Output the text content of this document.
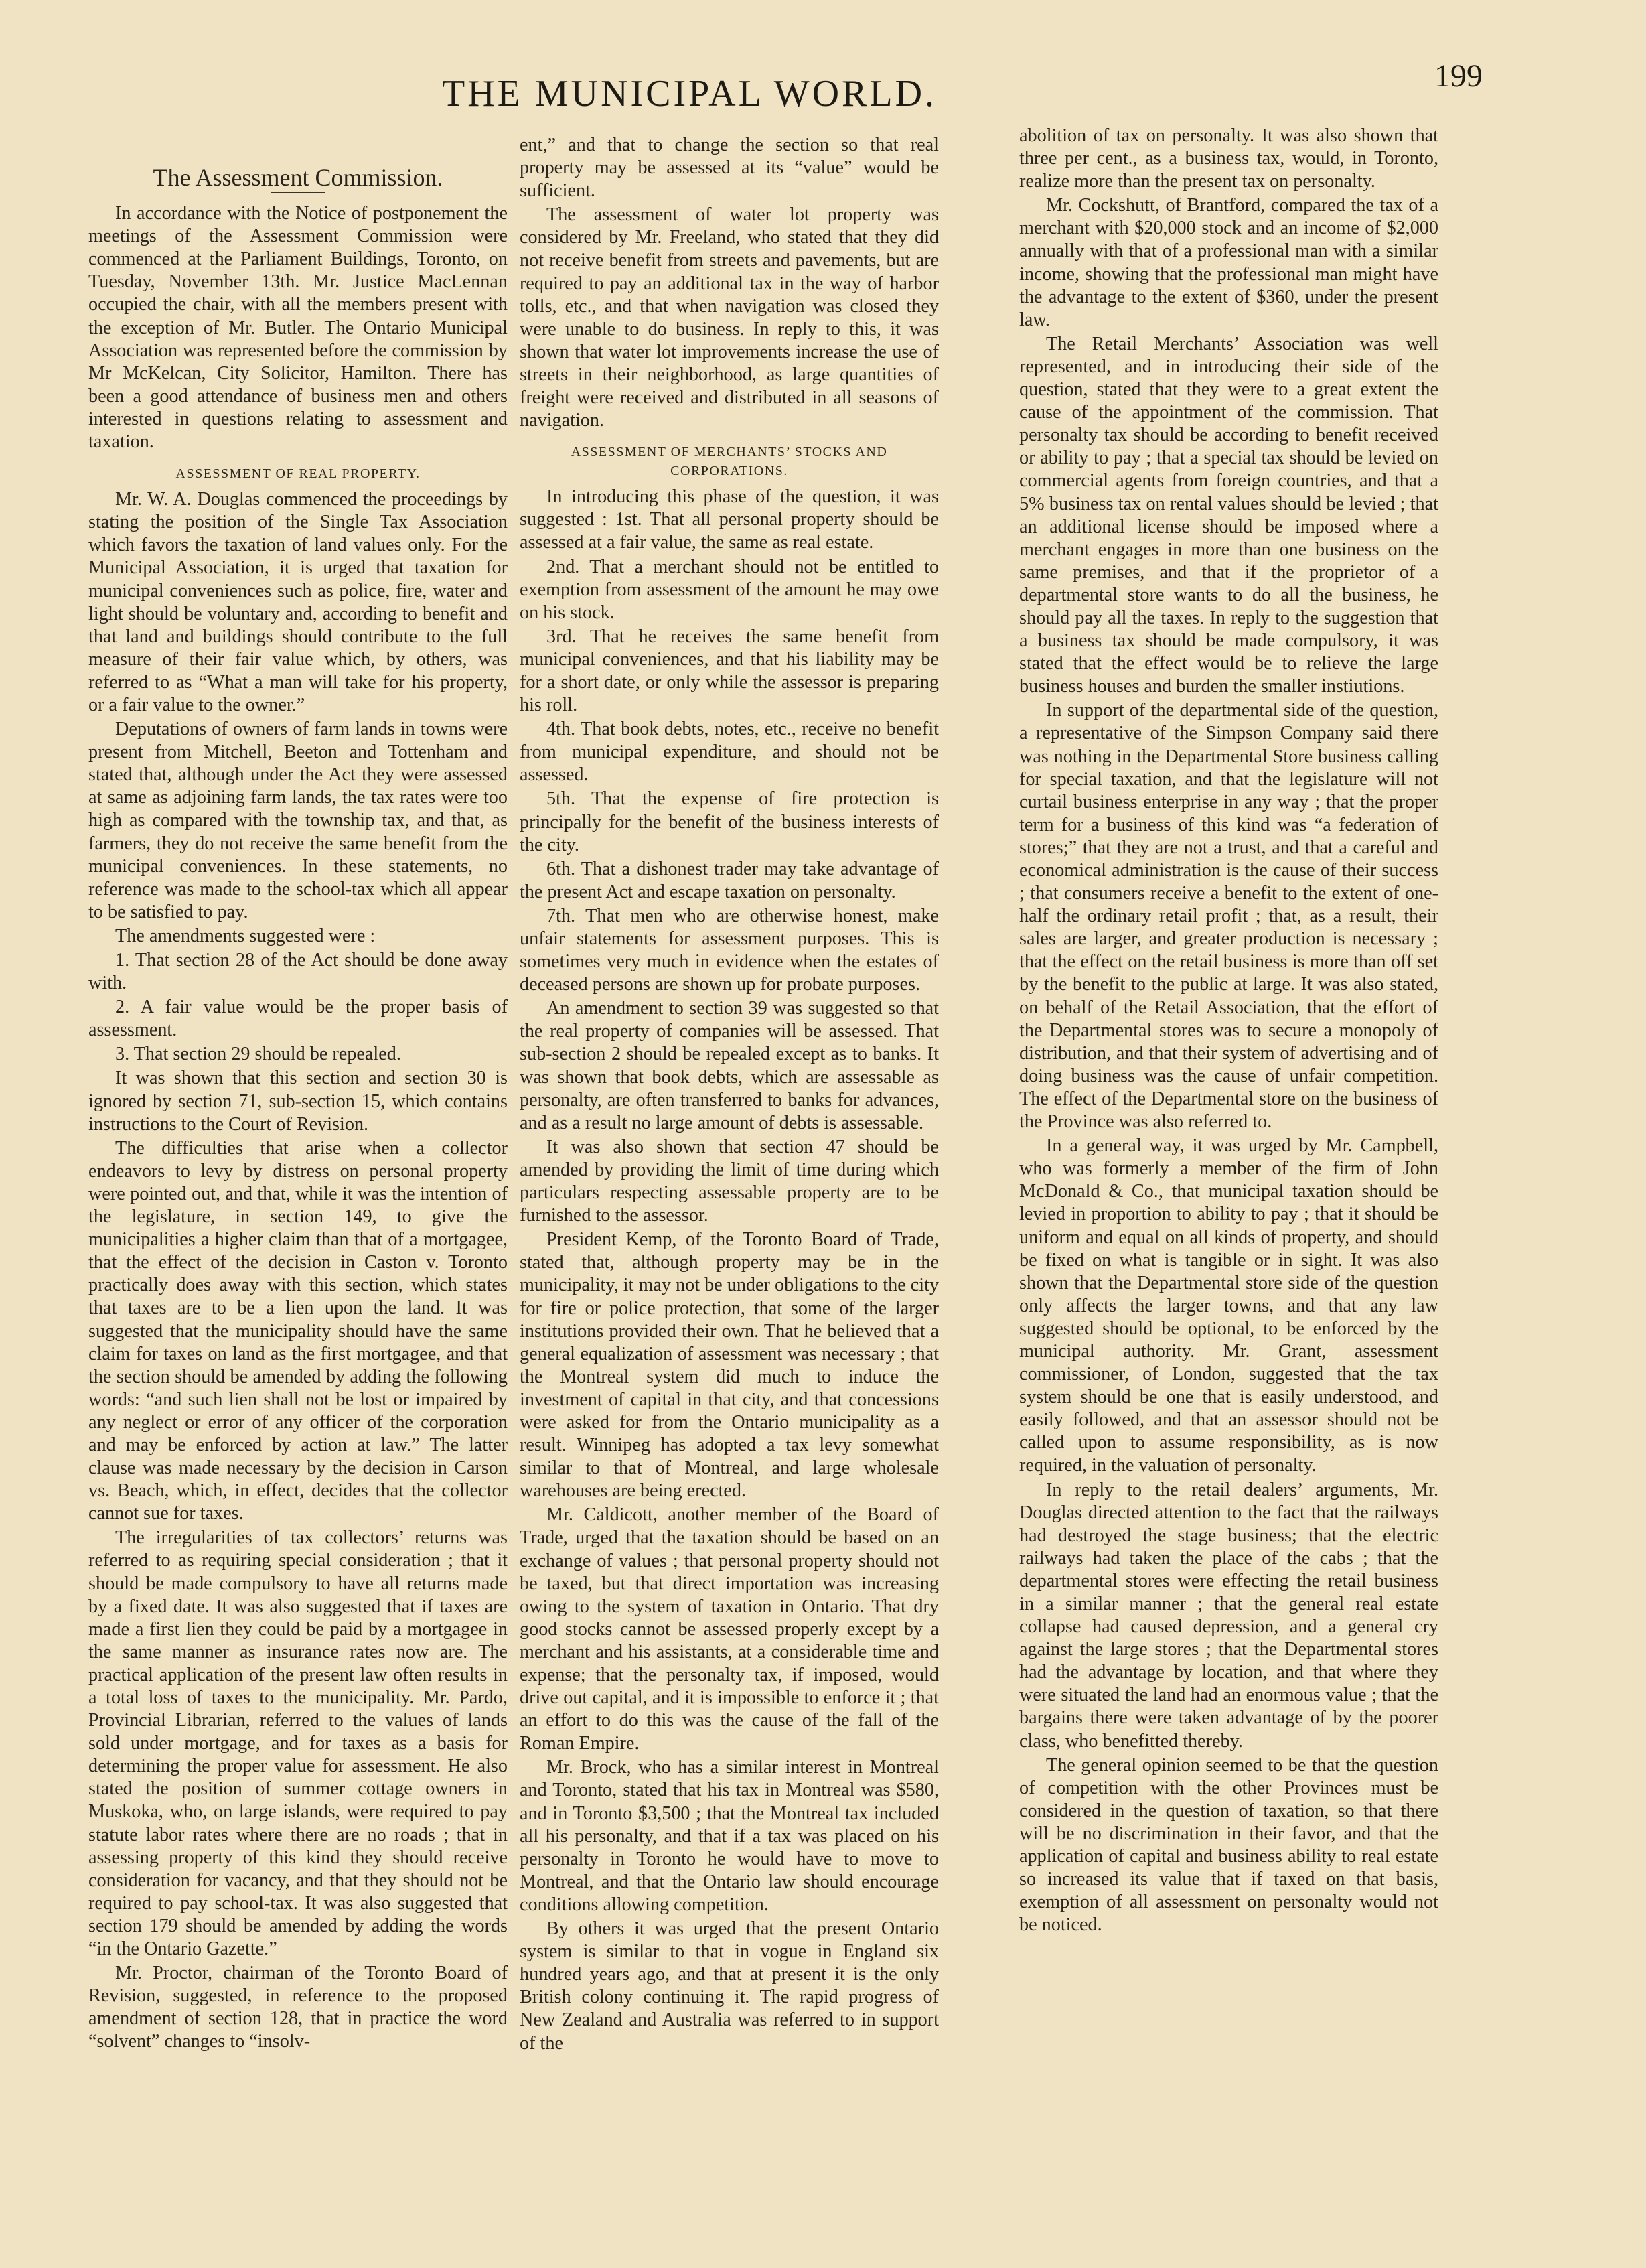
THE MUNICIPAL WORLD.	199
The Assessment Commission.

In accordance with the Notice of postponement the meetings of the Assessment Commission were commenced at the Parliament Buildings, Toronto, on Tuesday, November 13th. Mr. Justice MacLennan occupied the chair, with all the members present with the exception of Mr. Butler. The Ontario Municipal Association was represented before the commission by Mr McKelcan, City Solicitor, Hamilton. There has been a good attendance of business men and others interested in questions relating to assessment and taxation.

ASSESSMENT OF REAL PROPERTY.

Mr. W. A. Douglas commenced the proceedings by stating the position of the Single Tax Association which favors the taxation of land values only. For the Municipal Association, it is urged that taxation for municipal conveniences such as police, fire, water and light should be voluntary and, according to benefit and that land and buildings should contribute to the full measure of their fair value which, by others, was referred to as “What a man will take for his property, or a fair value to the owner.”

Deputations of owners of farm lands in towns were present from Mitchell, Beeton and Tottenham and stated that, although under the Act they were assessed at same as adjoining farm lands, the tax rates were too high as compared with the township tax, and that, as farmers, they do not receive the same benefit from the municipal conveniences. In these statements, no reference was made to the school-tax which all appear to be satisfied to pay.

The amendments suggested were :

1. That section 28 of the Act should be done away with.

2. A fair value would be the proper basis of assessment.

3. That section 29 should be repealed.

It was shown that this section and section 30 is ignored by section 71, sub-section 15, which contains instructions to the Court of Revision.

The difficulties that arise when a collector endeavors to levy by distress on personal property were pointed out, and that, while it was the intention of the legislature, in section 149, to give the municipalities a higher claim than that of a mortgagee, that the effect of the decision in Caston v. Toronto practically does away with this section, which states that taxes are to be a lien upon the land. It was suggested that the municipality should have the same claim for taxes on land as the first mortgagee, and that the section should be amended by adding the following words: “and such lien shall not be lost or impaired by any neglect or error of any officer of the corporation and may be enforced by action at law.” The latter clause was made necessary by the decision in Carson vs. Beach, which, in effect, decides that the collector cannot sue for taxes.

The irregularities of tax collectors’ returns was referred to as requiring special consideration ; that it should be made compulsory to have all returns made by a fixed date. It was also suggested that if taxes are made a first lien they could be paid by a mortgagee in the same manner as insurance rates now are. The practical application of the present law often results in a total loss of taxes to the municipality. Mr. Pardo, Provincial Librarian, referred to the values of lands sold under mortgage, and for taxes as a basis for determining the proper value for assessment. He also stated the position of summer cottage owners in Muskoka, who, on large islands, were required to pay statute labor rates where there are no roads ; that in assessing property of this kind they should receive consideration for vacancy, and that they should not be required to pay school-tax. It was also suggested that section 179 should be amended by adding the words “in the Ontario Gazette.”

Mr. Proctor, chairman of the Toronto Board of Revision, suggested, in reference to the proposed amendment of section 128, that in practice the word “solvent” changes to “insolv-

ent,” and that to change the section so that real property may be assessed at its “value” would be sufficient.

The assessment of water lot property was considered by Mr. Freeland, who stated that they did not receive benefit from streets and pavements, but are required to pay an additional tax in the way of harbor tolls, etc., and that when navigation was closed they were unable to do business. In reply to this, it was shown that water lot improvements increase the use of streets in their neighborhood, as large quantities of freight were received and distributed in all seasons of navigation.

ASSESSMENT OF MERCHANTS’ STOCKS AND CORPORATIONS.

In introducing this phase of the question, it was suggested : 1st. That all personal property should be assessed at a fair value, the same as real estate.

2nd. That a merchant should not be entitled to exemption from assessment of the amount he may owe on his stock.

3rd. That he receives the same benefit from municipal conveniences, and that his liability may be for a short date, or only while the assessor is preparing his roll.

4th. That book debts, notes, etc., receive no benefit from municipal expenditure, and should not be assessed.

5th. That the expense of fire protection is principally for the benefit of the business interests of the city.

6th. That a dishonest trader may take advantage of the present Act and escape taxation on personalty.

7th. That men who are otherwise honest, make unfair statements for assessment purposes. This is sometimes very much in evidence when the estates of deceased persons are shown up for probate purposes.

An amendment to section 39 was suggested so that the real property of companies will be assessed. That sub-section 2 should be repealed except as to banks. It was shown that book debts, which are assessable as personalty, are often transferred to banks for advances, and as a result no large amount of debts is assessable.

It was also shown that section 47 should be amended by providing the limit of time during which particulars respecting assessable property are to be furnished to the assessor.

President Kemp, of the Toronto Board of Trade, stated that, although property may be in the municipality, it may not be under obligations to the city for fire or police protection, that some of the larger institutions provided their own. That he believed that a general equalization of assessment was necessary ; that the Montreal system did much to induce the investment of capital in that city, and that concessions were asked for from the Ontario municipality as a result. Winnipeg has adopted a tax levy somewhat similar to that of Montreal, and large wholesale warehouses are being erected.

Mr. Caldicott, another member of the Board of Trade, urged that the taxation should be based on an exchange of values ; that personal property should not be taxed, but that direct importation was increasing owing to the system of taxation in Ontario. That dry good stocks cannot be assessed properly except by a merchant and his assistants, at a considerable time and expense; that the personalty tax, if imposed, would drive out capital, and it is impossible to enforce it ; that an effort to do this was the cause of the fall of the Roman Empire.

Mr. Brock, who has a similar interest in Montreal and Toronto, stated that his tax in Montreal was $580, and in Toronto $3,500 ; that the Montreal tax included all his personalty, and that if a tax was placed on his personalty in Toronto he would have to move to Montreal, and that the Ontario law should encourage conditions allowing competition.

By others it was urged that the present Ontario system is similar to that in vogue in England six hundred years ago, and that at present it is the only British colony continuing it. The rapid progress of New Zealand and Australia was referred to in support of the

abolition of tax on personalty. It was also shown that three per cent., as a business tax, would, in Toronto, realize more than the present tax on personalty.

Mr. Cockshutt, of Brantford, compared the tax of a merchant with $20,000 stock and an income of $2,000 annually with that of a professional man with a similar income, showing that the professional man might have the advantage to the extent of $360, under the present law.

The Retail Merchants’ Association was well represented, and in introducing their side of the question, stated that they were to a great extent the cause of the appointment of the commission. That personalty tax should be according to benefit received or ability to pay ; that a special tax should be levied on commercial agents from foreign countries, and that a 5% business tax on rental values should be levied ; that an additional license should be imposed where a merchant engages in more than one business on the same premises, and that if the proprietor of a departmental store wants to do all the business, he should pay all the taxes. In reply to the suggestion that a business tax should be made compulsory, it was stated that the effect would be to relieve the large business houses and burden the smaller instiutions.

In support of the departmental side of the question, a representative of the Simpson Company said there was nothing in the Departmental Store business calling for special taxation, and that the legislature will not curtail business enterprise in any way ; that the proper term for a business of this kind was “a federation of stores;” that they are not a trust, and that a careful and economical administration is the cause of their success ; that consumers receive a benefit to the extent of one-half the ordinary retail profit ; that, as a result, their sales are larger, and greater production is necessary ; that the effect on the retail business is more than off set by the benefit to the public at large. It was also stated, on behalf of the Retail Association, that the effort of the Departmental stores was to secure a monopoly of distribution, and that their system of advertising and of doing business was the cause of unfair competition. The effect of the Departmental store on the business of the Province was also referred to.

In a general way, it was urged by Mr. Campbell, who was formerly a member of the firm of John McDonald & Co., that municipal taxation should be levied in proportion to ability to pay ; that it should be uniform and equal on all kinds of property, and should be fixed on what is tangible or in sight. It was also shown that the Departmental store side of the question only affects the larger towns, and that any law suggested should be optional, to be enforced by the municipal authority. Mr. Grant, assessment commissioner, of London, suggested that the tax system should be one that is easily understood, and easily followed, and that an assessor should not be called upon to assume responsibility, as is now required, in the valuation of personalty.

In reply to the retail dealers’ arguments, Mr. Douglas directed attention to the fact that the railways had destroyed the stage business; that the electric railways had taken the place of the cabs ; that the departmental stores were effecting the retail business in a similar manner ; that the general real estate collapse had caused depression, and a general cry against the large stores ; that the Departmental stores had the advantage by location, and that where they were situated the land had an enormous value ; that the bargains there were taken advantage of by the poorer class, who benefitted thereby.

The general opinion seemed to be that the question of competition with the other Provinces must be considered in the question of taxation, so that there will be no discrimination in their favor, and that the application of capital and business ability to real estate so increased its value that if taxed on that basis, exemption of all assessment on personalty would not be noticed.
